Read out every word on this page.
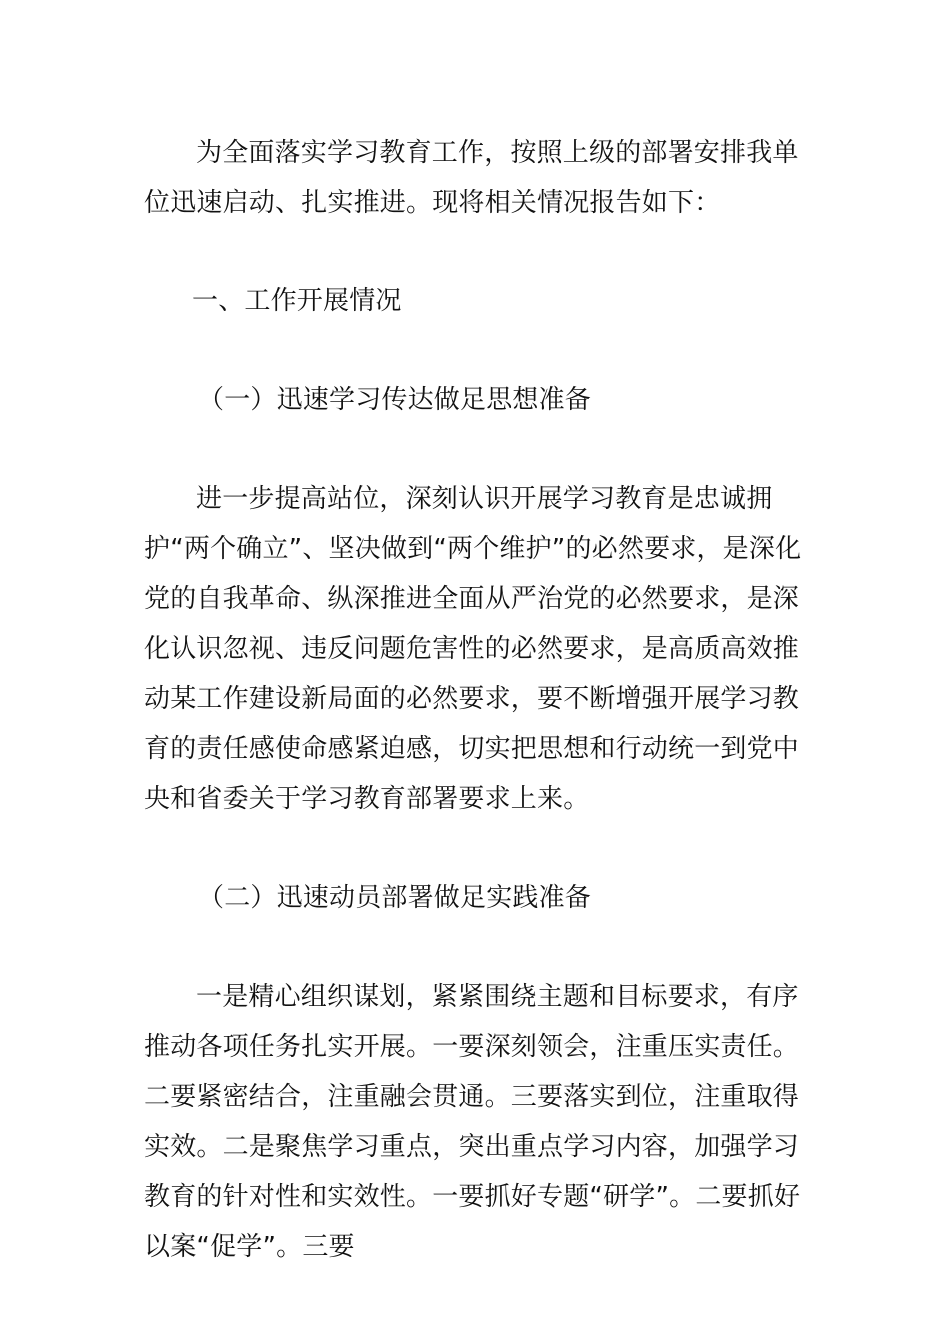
为全面落实学习教育工作，按照上级的部署安排我单位迅速启动、扎实推进。现将相关情况报告如下：

一、工作开展情况

（一）迅速学习传达做足思想准备

进一步提高站位，深刻认识开展学习教育是忠诚拥护“两个确立”、坚决做到“两个维护”的必然要求，是深化党的自我革命、纵深推进全面从严治党的必然要求，是深化认识忽视、违反问题危害性的必然要求，是高质高效推动某工作建设新局面的必然要求，要不断增强开展学习教育的责任感使命感紧迫感，切实把思想和行动统一到党中央和省委关于学习教育部署要求上来。

（二）迅速动员部署做足实践准备

一是精心组织谋划，紧紧围绕主题和目标要求，有序推动各项任务扎实开展。一要深刻领会，注重压实责任。二要紧密结合，注重融会贯通。三要落实到位，注重取得实效。二是聚焦学习重点，突出重点学习内容，加强学习教育的针对性和实效性。一要抓好专题“研学”。二要抓好以案“促学”。三要
